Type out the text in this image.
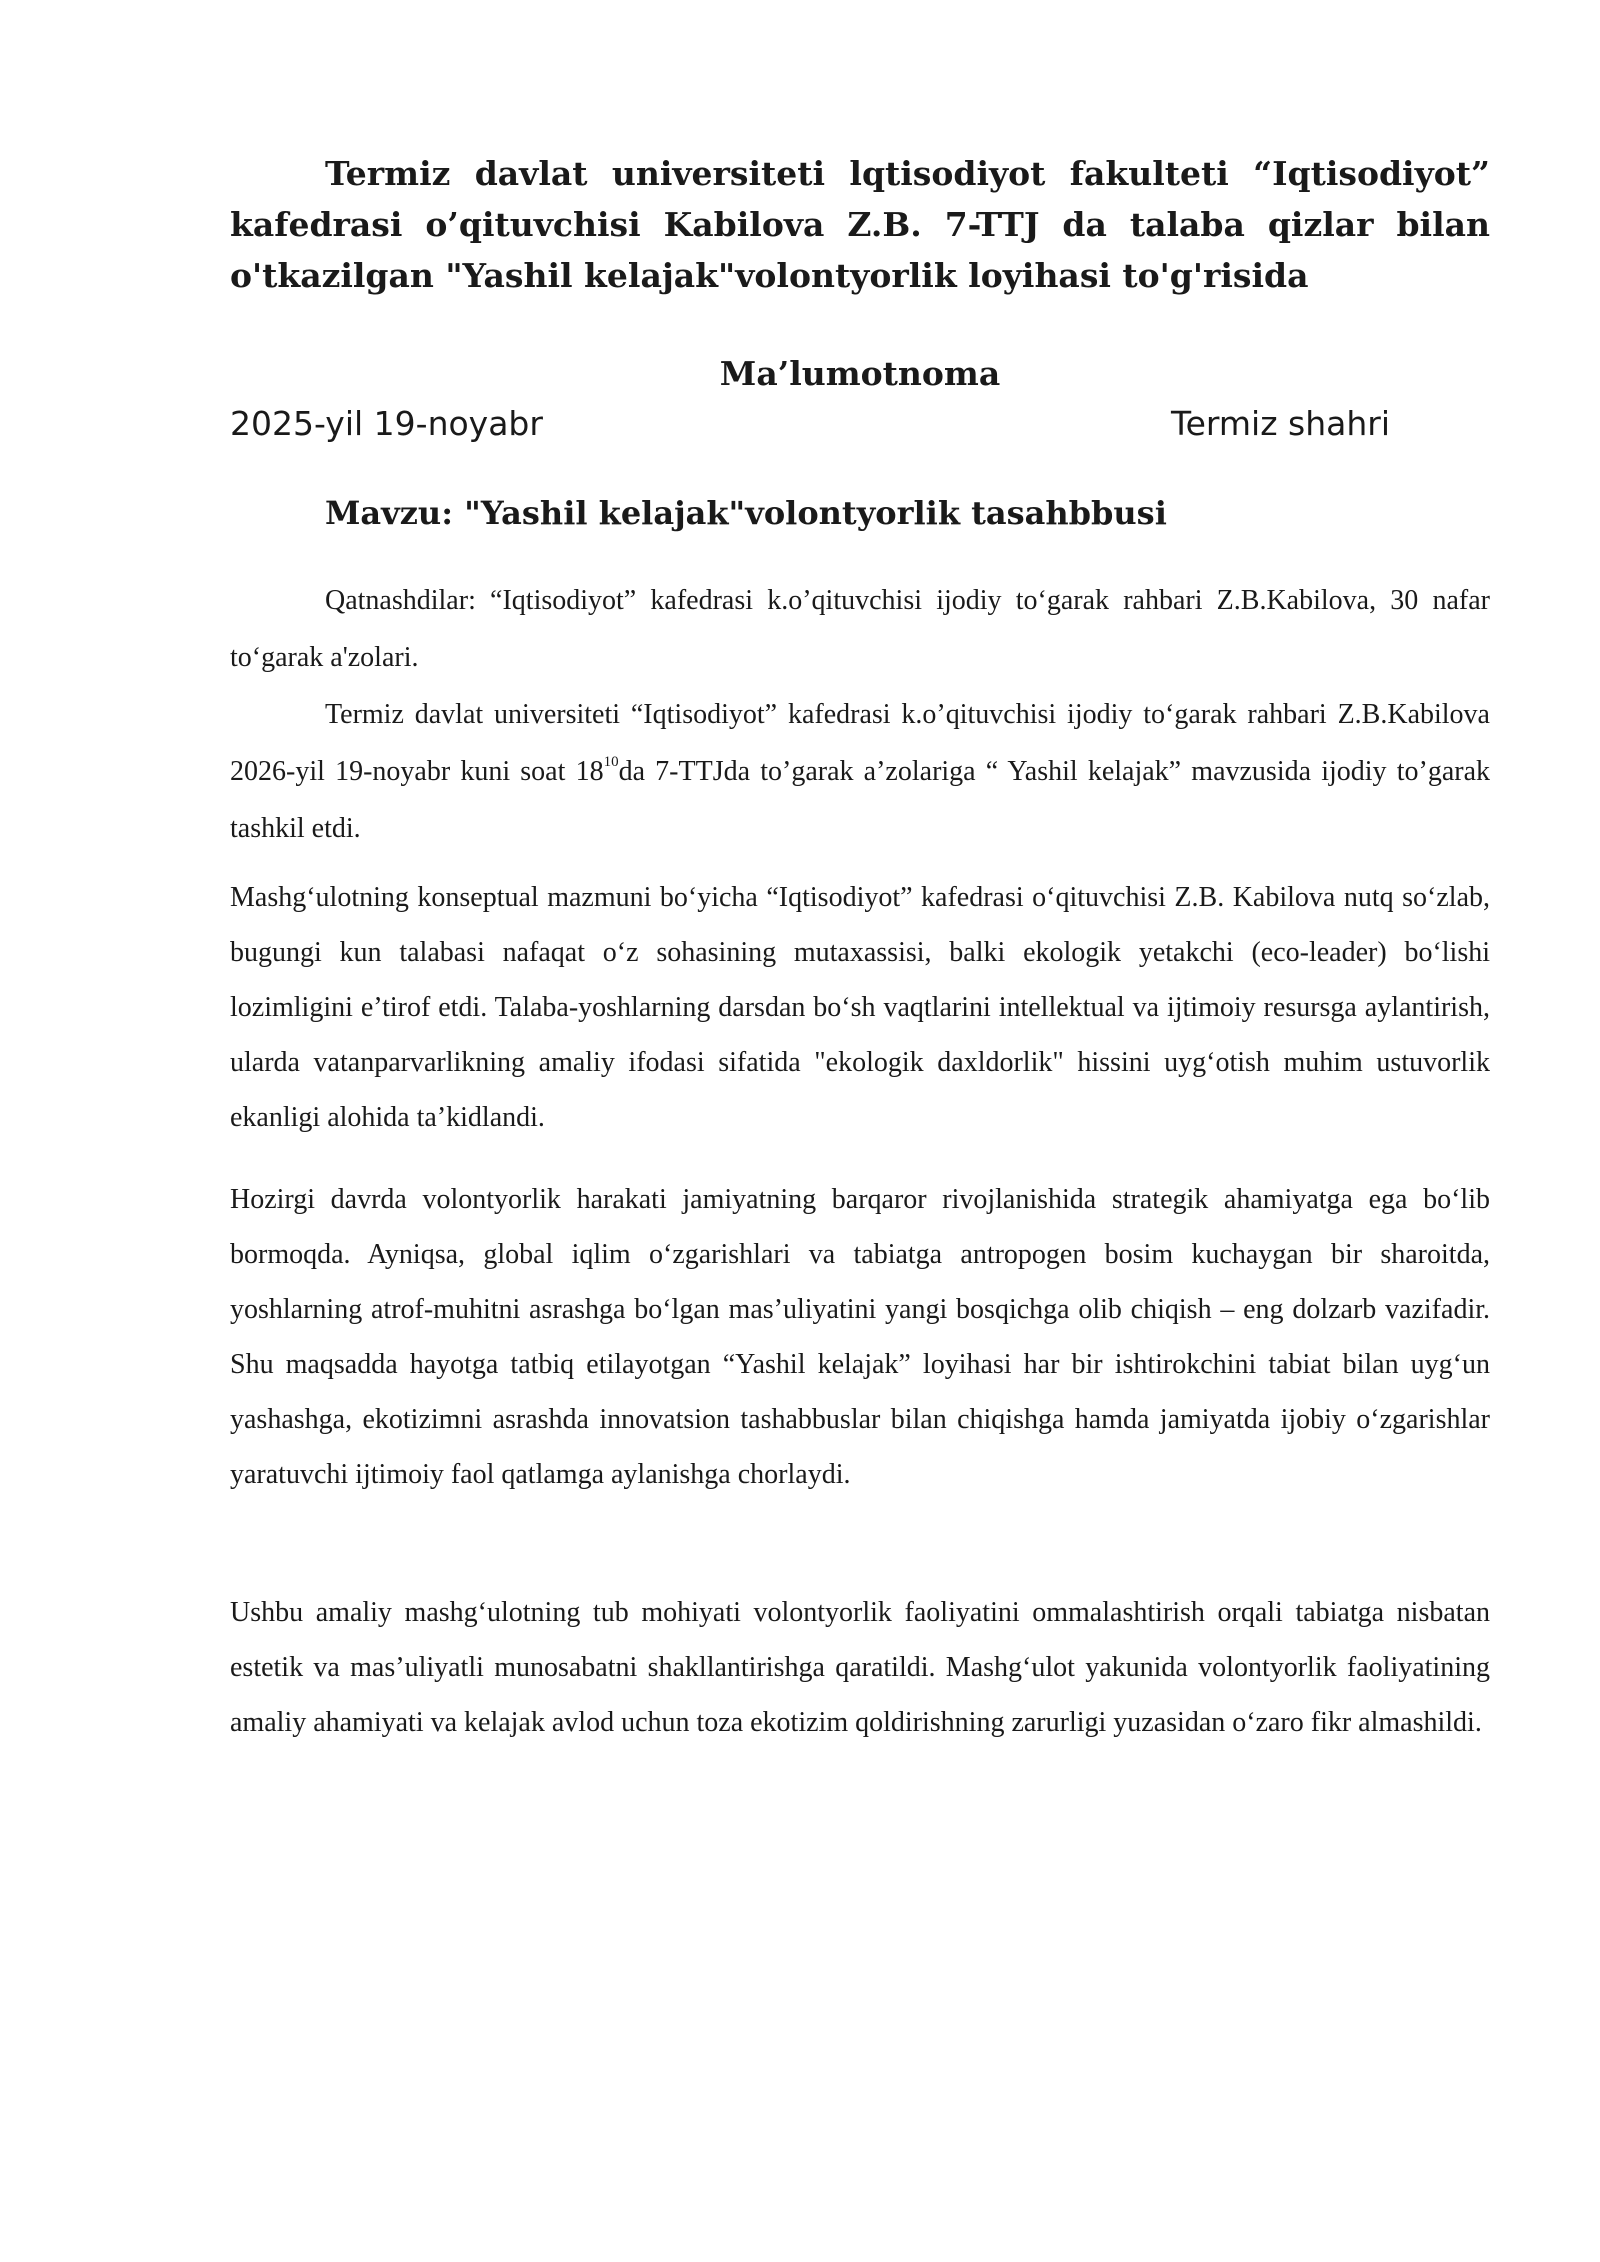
Termiz davlat universiteti lqtisodiyot fakulteti “Iqtisodiyot” kafedrasi o’qituvchisi Kabilova Z.B. 7-TTJ da talaba qizlar bilan o'tkazilgan "Yashil kelajak"volontyorlik loyihasi to'g'risida
Ma’lumotnoma
2025-yil 19-noyabr	Termiz shahri
Mavzu: "Yashil kelajak"volontyorlik tasahbbusi

Qatnashdilar: “Iqtisodiyot” kafedrasi k.o’qituvchisi ijodiy to‘garak rahbari Z.B.Kabilova, 30 nafar to‘garak a'zolari.

Termiz davlat universiteti “Iqtisodiyot” kafedrasi k.o’qituvchisi ijodiy to‘garak rahbari Z.B.Kabilova 2026-yil 19-noyabr kuni soat $18^{10}da$ 7-TTJda to’garak a’zolariga “ Yashil kelajak” mavzusida ijodiy to’garak tashkil etdi.

Mashg‘ulotning konseptual mazmuni bo‘yicha “Iqtisodiyot” kafedrasi o‘qituvchisi Z.B. Kabilova nutq so‘zlab, bugungi kun talabasi nafaqat o‘z sohasining mutaxassisi, balki ekologik yetakchi (eco-leader) bo‘lishi lozimligini e’tirof etdi. Talaba-yoshlarning darsdan bo‘sh vaqtlarini intellektual va ijtimoiy resursga aylantirish, ularda vatanparvarlikning amaliy ifodasi sifatida "ekologik daxldorlik" hissini uyg‘otish muhim ustuvorlik ekanligi alohida ta’kidlandi.

Hozirgi davrda volontyorlik harakati jamiyatning barqaror rivojlanishida strategik ahamiyatga ega bo‘lib bormoqda. Ayniqsa, global iqlim o‘zgarishlari va tabiatga antropogen bosim kuchaygan bir sharoitda, yoshlarning atrof-muhitni asrashga bo‘lgan mas’uliyatini yangi bosqichga olib chiqish – eng dolzarb vazifadir. Shu maqsadda hayotga tatbiq etilayotgan “Yashil kelajak” loyihasi har bir ishtirokchini tabiat bilan uyg‘un yashashga, ekotizimni asrashda innovatsion tashabbuslar bilan chiqishga hamda jamiyatda ijobiy o‘zgarishlar yaratuvchi ijtimoiy faol qatlamga aylanishga chorlaydi.

Ushbu amaliy mashg‘ulotning tub mohiyati volontyorlik faoliyatini ommalashtirish orqali tabiatga nisbatan estetik va mas’uliyatli munosabatni shakllantirishga qaratildi. Mashg‘ulot yakunida volontyorlik faoliyatining amaliy ahamiyati va kelajak avlod uchun toza ekotizim qoldirishning zarurligi yuzasidan o‘zaro fikr almashildi.
